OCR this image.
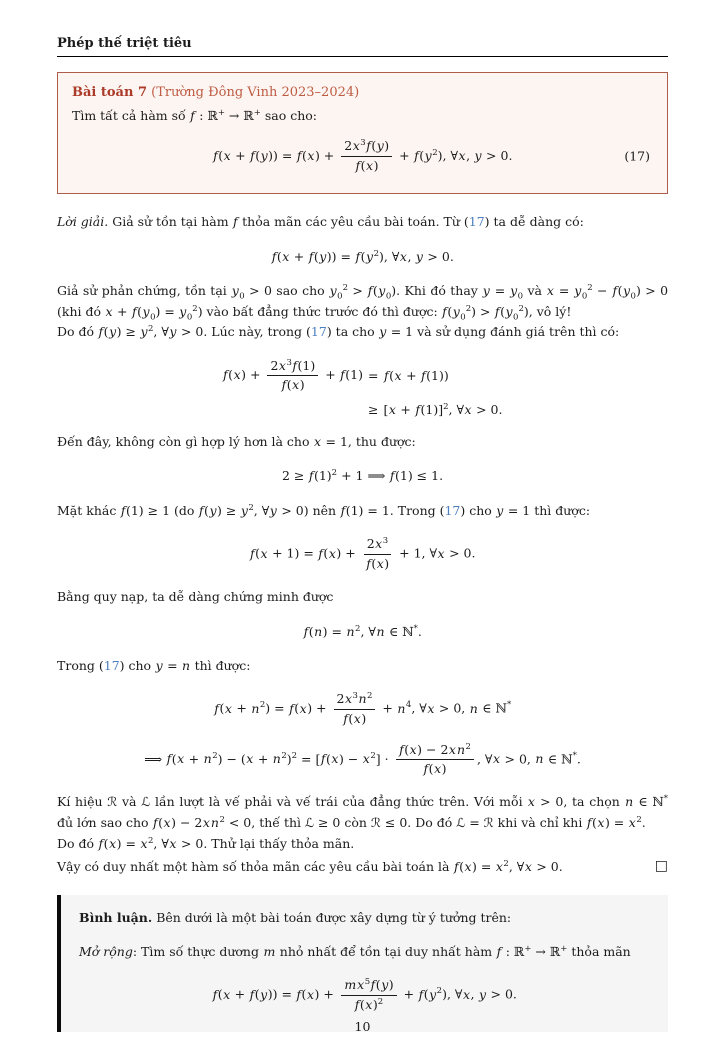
Phép thế triệt tiêu
Bài toán 7 (Trường Đông Vinh 2023–2024)
Tìm tất cả hàm số f : ℝ+ → ℝ+ sao cho:
$f(x + f(y)) = f(x) + \frac{2x^3f(y)}{f(x)} + f(y^2)$, ∀x, y > 0.	(17)
Lời giải. Giả sử tồn tại hàm f thỏa mãn các yêu cầu bài toán. Từ (17) ta dễ dàng có:
$f(x + f(y)) = f(y^2)$, ∀x, y > 0.
Giả sử phản chứng, tồn tại $y_0 > 0$ sao cho $y_0^2 > f(y_0)$. Khi đó thay $y = y_0$ và $x = y_0^2 - f(y_0) > 0$ (khi đó $x + f(y_0) = y_0^2$) vào bất đẳng thức trước đó thì được: $f(y_0^2) > f(y_0^2)$, vô lý!
Do đó $f(y) \ge y^2$, ∀y > 0. Lúc này, trong (17) ta cho y = 1 và sử dụng đánh giá trên thì có:
$f(x) + \frac{2x^3f(1)}{f(x)} + f(1) = f(x + f(1))$
≥ $[x + f(1)]^2$, ∀x > 0.
Đến đây, không còn gì hợp lý hơn là cho x = 1, thu được:
$2 \ge f(1)^2 + 1$ ⟹ f(1) ≤ 1.
Mặt khác f(1) ≥ 1 (do $f(y) \ge y^2$, ∀y > 0) nên f(1) = 1. Trong (17) cho y = 1 thì được:
$f(x + 1) = f(x) + \frac{2x^3}{f(x)} + 1$, ∀x > 0.
Bằng quy nạp, ta dễ dàng chứng minh được
$f(n) = n^2$, ∀n ∈ ℕ*.
Trong (17) cho y = n thì được:
$f(x + n^2) = f(x) + \frac{2x^3n^2}{f(x)} + n^4$, ∀x > 0, n ∈ ℕ*
⟹ $f(x + n^2) - (x + n^2)^2 = [f(x) - x^2] \cdot \frac{f(x) - 2xn^2}{f(x)}$ , ∀x > 0, n ∈ ℕ*.
Kí hiệu ℛ và ℒ lần lượt là vế phải và vế trái của đẳng thức trên. Với mỗi x > 0, ta chọn n ∈ ℕ* đủ lớn sao cho $f(x) - 2xn^2 < 0$, thế thì ℒ ≥ 0 còn ℛ ≤ 0. Do đó ℒ = ℛ khi và chỉ khi $f(x) = x^2$.
Do đó $f(x) = x^2$, ∀x > 0. Thử lại thấy thỏa mãn.
Vậy có duy nhất một hàm số thỏa mãn các yêu cầu bài toán là $f(x) = x^2$, ∀x > 0.	□
Bình luận. Bên dưới là một bài toán được xây dựng từ ý tưởng trên:
Mở rộng: Tìm số thực dương m nhỏ nhất để tồn tại duy nhất hàm f : ℝ+ → ℝ+ thỏa mãn
$f(x + f(y)) = f(x) + \frac{mx^5f(y)}{f(x)^2} + f(y^2)$, ∀x, y > 0.
10
